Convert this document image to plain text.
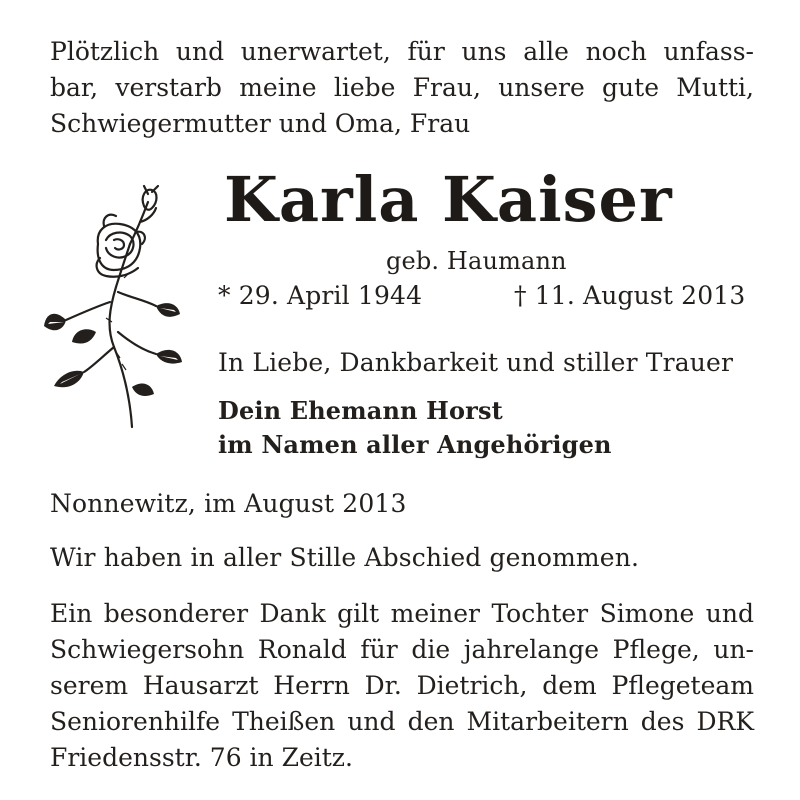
Plötzlich und unerwartet, für uns alle noch unfass-
bar, verstarb meine liebe Frau, unsere gute Mutti,
Schwiegermutter und Oma, Frau
Karla Kaiser
geb. Haumann
* 29. April 1944	† 11. August 2013
In Liebe, Dankbarkeit und stiller Trauer
Dein Ehemann Horst
im Namen aller Angehörigen
Nonnewitz, im August 2013
Wir haben in aller Stille Abschied genommen.
Ein besonderer Dank gilt meiner Tochter Simone und
Schwiegersohn Ronald für die jahrelange Pflege, un-
serem Hausarzt Herrn Dr. Dietrich, dem Pflegeteam
Seniorenhilfe Theißen und den Mitarbeitern des DRK
Friedensstr. 76 in Zeitz.
